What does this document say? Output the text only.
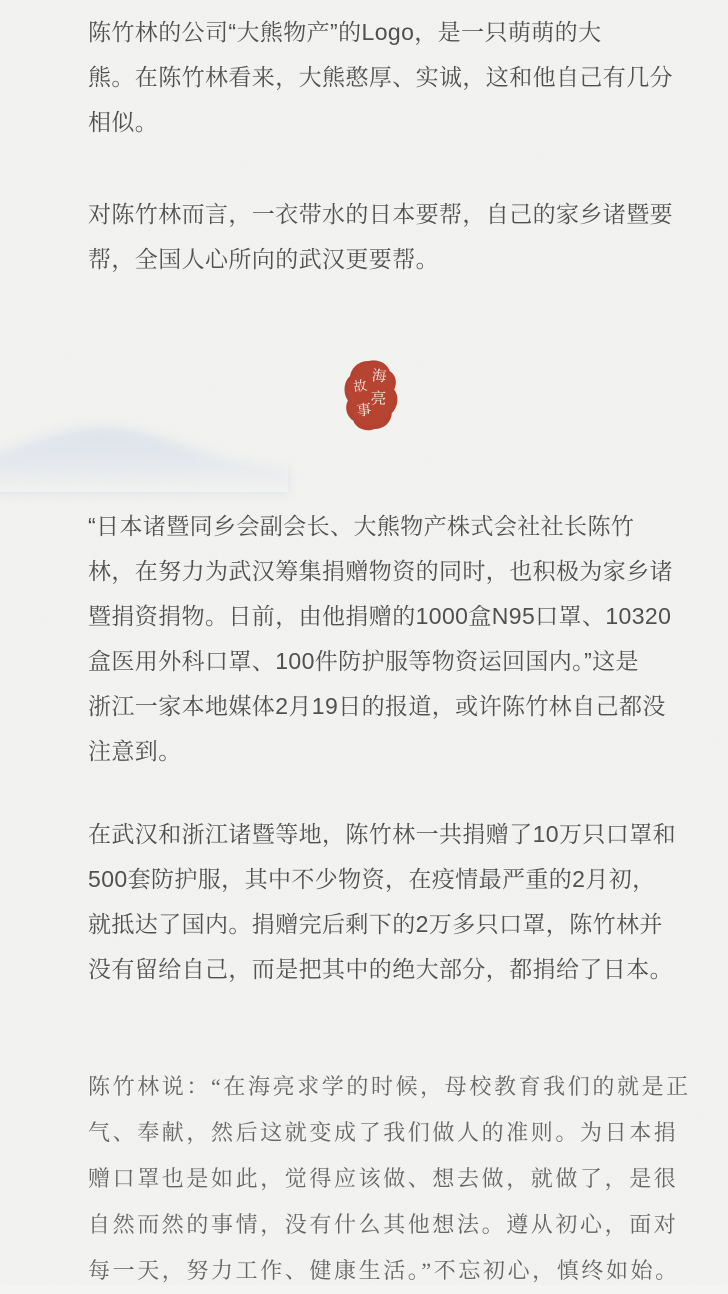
陈竹林的公司“大熊物产”的Logo，是一只萌萌的大
熊。在陈竹林看来，大熊憨厚、实诚，这和他自己有几分
相似。
对陈竹林而言，一衣带水的日本要帮，自己的家乡诸暨要
帮，全国人心所向的武汉更要帮。
海
亮
故
事
“日本诸暨同乡会副会长、大熊物产株式会社社长陈竹
林，在努力为武汉筹集捐赠物资的同时，也积极为家乡诸
暨捐资捐物。日前，由他捐赠的1000盒N95口罩、10320
盒医用外科口罩、100件防护服等物资运回国内。”这是
浙江一家本地媒体2月19日的报道，或许陈竹林自己都没
注意到。
在武汉和浙江诸暨等地，陈竹林一共捐赠了10万只口罩和
500套防护服，其中不少物资，在疫情最严重的2月初，
就抵达了国内。捐赠完后剩下的2万多只口罩，陈竹林并
没有留给自己，而是把其中的绝大部分，都捐给了日本。
陈竹林说：“在海亮求学的时候，母校教育我们的就是正
气、奉献，然后这就变成了我们做人的准则。为日本捐
赠口罩也是如此，觉得应该做、想去做，就做了，是很
自然而然的事情，没有什么其他想法。遵从初心，面对
每一天，努力工作、健康生活。”不忘初心，慎终如始。
